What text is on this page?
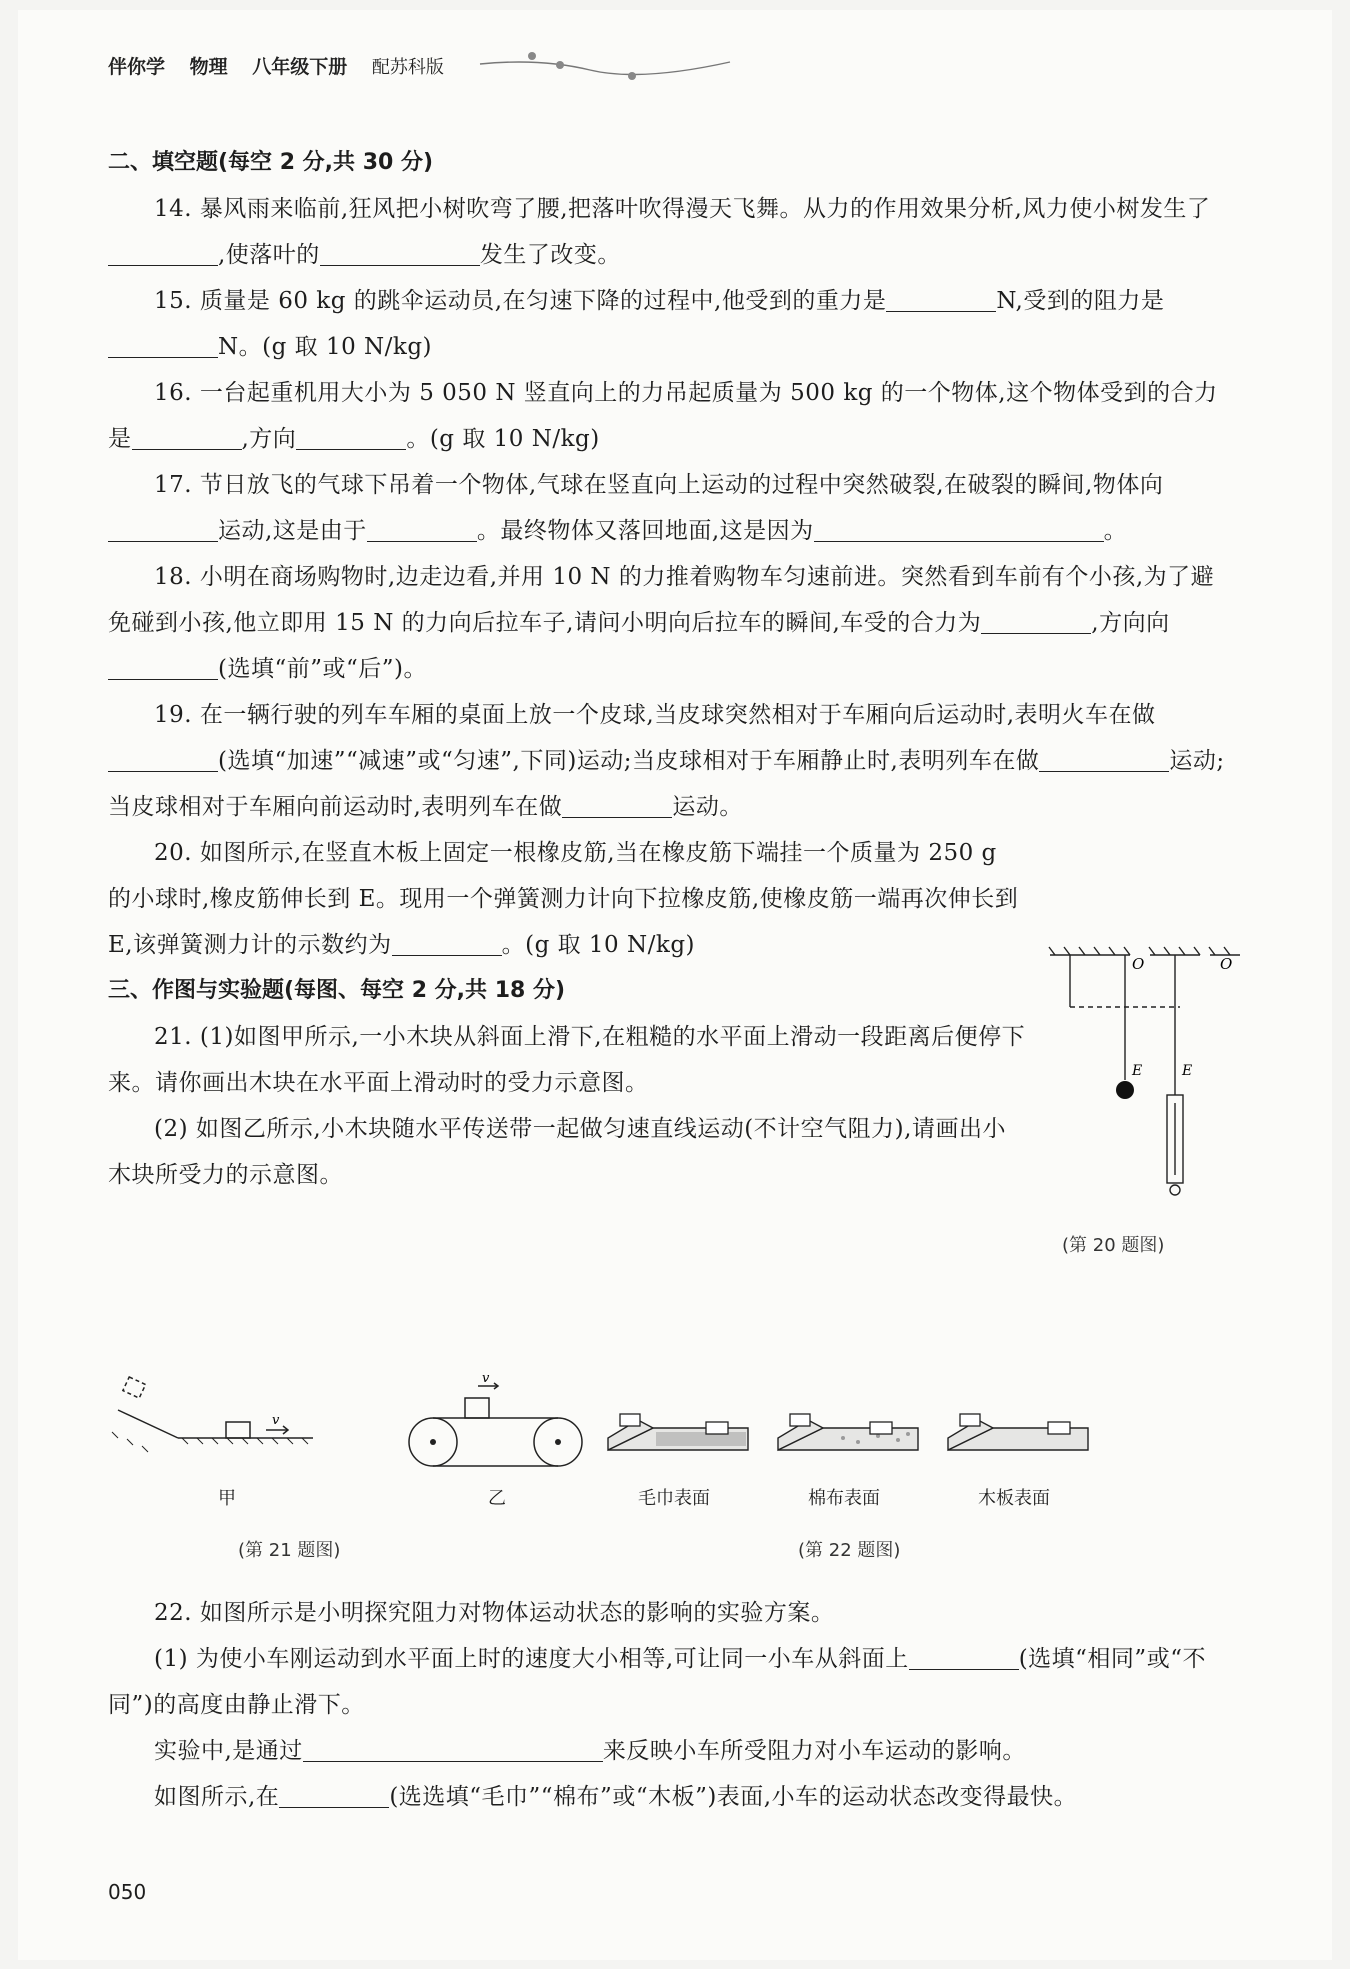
伴你学 物理 八年级下册 配苏科版

二、填空题(每空 2 分,共 30 分)

14. 暴风雨来临前,狂风把小树吹弯了腰,把落叶吹得漫天飞舞。从力的作用效果分析,风力使小树发生了,使落叶的	发生了改变。

15. 质量是 60 kg 的跳伞运动员,在匀速下降的过程中,他受到的重力是	N,受到的阻力是N。(g 取 10 N/kg)

16. 一台起重机用大小为 5 050 N 竖直向上的力吊起质量为 500 kg 的一个物体,这个物体受到的合力是	,方向	。(g 取 10 N/kg)

17. 节日放飞的气球下吊着一个物体,气球在竖直向上运动的过程中突然破裂,在破裂的瞬间,物体向运动,这是由于	。最终物体又落回地面,这是因为	。

18. 小明在商场购物时,边走边看,并用 10 N 的力推着购物车匀速前进。突然看到车前有个小孩,为了避免碰到小孩,他立即用 15 N 的力向后拉车子,请问小明向后拉车的瞬间,车受的合力为	,方向向(选填“前”或“后”)。

19. 在一辆行驶的列车车厢的桌面上放一个皮球,当皮球突然相对于车厢向后运动时,表明火车在做(选填“加速”“减速”或“匀速”,下同)运动;当皮球相对于车厢静止时,表明列车在做	运动;当皮球相对于车厢向前运动时,表明列车在做	运动。

20. 如图所示,在竖直木板上固定一根橡皮筋,当在橡皮筋下端挂一个质量为 250 g 的小球时,橡皮筋伸长到 E。现用一个弹簧测力计向下拉橡皮筋,使橡皮筋一端再次伸长到 E,该弹簧测力计的示数约为	。(g 取 10 N/kg)

三、作图与实验题(每图、每空 2 分,共 18 分)

21. (1)如图甲所示,一小木块从斜面上滑下,在粗糙的水平面上滑动一段距离后便停下来。请你画出木块在水平面上滑动时的受力示意图。

(2) 如图乙所示,小木块随水平传送带一起做匀速直线运动(不计空气阻力),请画出小木块所受力的示意图。

O	O
E	E
(第 20 题图)
v
v
甲	乙	毛巾表面	棉布表面	木板表面
(第 21 题图)	(第 22 题图)

22. 如图所示是小明探究阻力对物体运动状态的影响的实验方案。

(1) 为使小车刚运动到水平面上时的速度大小相等,可让同一小车从斜面上	(选填“相同”或“不同”)的高度由静止滑下。

实验中,是通过	来反映小车所受阻力对小车运动的影响。

如图所示,在	(选选填“毛巾”“棉布”或“木板”)表面,小车的运动状态改变得最快。

050
